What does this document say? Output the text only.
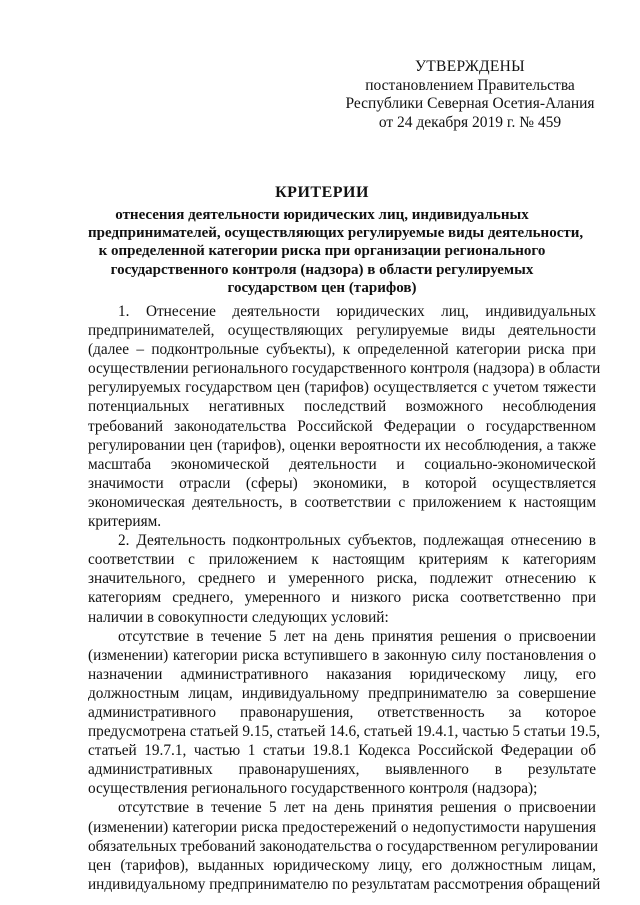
УТВЕРЖДЕНЫ
постановлением Правительства
Республики Северная Осетия-Алания
от 24 декабря 2019 г. № 459
КРИТЕРИИ
отнесения деятельности юридических лиц, индивидуальных
предпринимателей, осуществляющих регулируемые виды деятельности,
к определенной категории риска при организации регионального
государственного контроля (надзора) в области регулируемых
государством цен (тарифов)
1. Отнесение деятельности юридических лиц, индивидуальных
предпринимателей, осуществляющих регулируемые виды деятельности
(далее – подконтрольные субъекты), к определенной категории риска при
осуществлении регионального государственного контроля (надзора) в области
регулируемых государством цен (тарифов) осуществляется с учетом тяжести
потенциальных негативных последствий возможного несоблюдения
требований законодательства Российской Федерации о государственном
регулировании цен (тарифов), оценки вероятности их несоблюдения, а также
масштаба экономической деятельности и социально-экономической
значимости отрасли (сферы) экономики, в которой осуществляется
экономическая деятельность, в соответствии с приложением к настоящим
критериям.
2. Деятельность подконтрольных субъектов, подлежащая отнесению в
соответствии с приложением к настоящим критериям к категориям
значительного, среднего и умеренного риска, подлежит отнесению к
категориям среднего, умеренного и низкого риска соответственно при
наличии в совокупности следующих условий:
отсутствие в течение 5 лет на день принятия решения о присвоении
(изменении) категории риска вступившего в законную силу постановления о
назначении административного наказания юридическому лицу, его
должностным лицам, индивидуальному предпринимателю за совершение
административного правонарушения, ответственность за которое
предусмотрена статьей 9.15, статьей 14.6, статьей 19.4.1, частью 5 статьи 19.5,
статьей 19.7.1, частью 1 статьи 19.8.1 Кодекса Российской Федерации об
административных правонарушениях, выявленного в результате
осуществления регионального государственного контроля (надзора);
отсутствие в течение 5 лет на день принятия решения о присвоении
(изменении) категории риска предостережений о недопустимости нарушения
обязательных требований законодательства о государственном регулировании
цен (тарифов), выданных юридическому лицу, его должностным лицам,
индивидуальному предпринимателю по результатам рассмотрения обращений
